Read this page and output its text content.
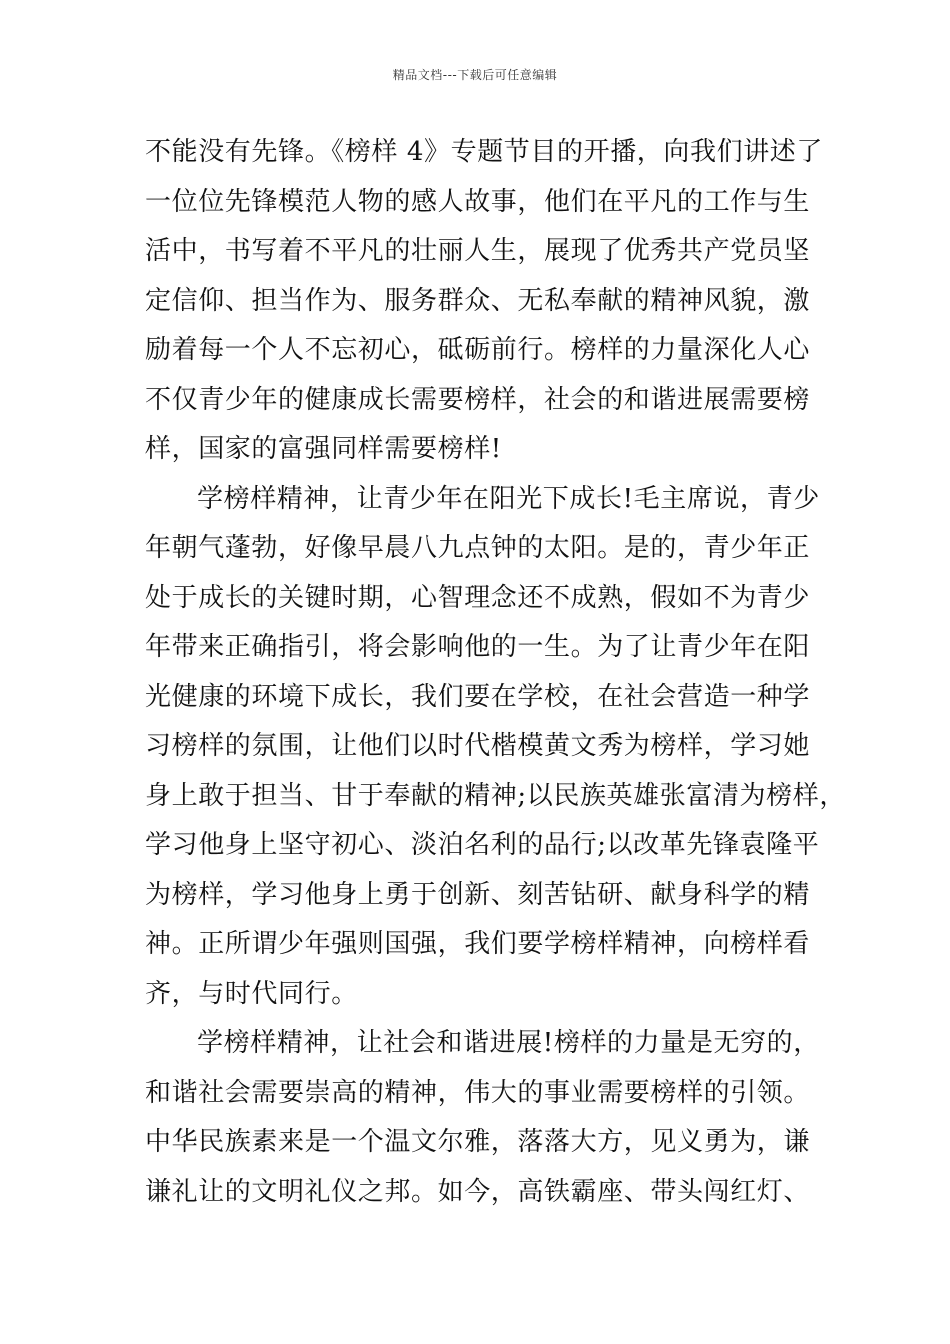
精品文档---下载后可任意编辑
不能没有先锋。《榜样 4》专题节目的开播，向我们讲述了
一位位先锋模范人物的感人故事，他们在平凡的工作与生
活中，书写着不平凡的壮丽人生，展现了优秀共产党员坚
定信仰、担当作为、服务群众、无私奉献的精神风貌，激
励着每一个人不忘初心，砥砺前行。榜样的力量深化人心
不仅青少年的健康成长需要榜样，社会的和谐进展需要榜
样，国家的富强同样需要榜样!
学榜样精神，让青少年在阳光下成长!毛主席说，青少
年朝气蓬勃，好像早晨八九点钟的太阳。是的，青少年正
处于成长的关键时期，心智理念还不成熟，假如不为青少
年带来正确指引，将会影响他的一生。为了让青少年在阳
光健康的环境下成长，我们要在学校，在社会营造一种学
习榜样的氛围，让他们以时代楷模黄文秀为榜样，学习她
身上敢于担当、甘于奉献的精神;以民族英雄张富清为榜样，
学习他身上坚守初心、淡泊名利的品行;以改革先锋袁隆平
为榜样，学习他身上勇于创新、刻苦钻研、献身科学的精
神。正所谓少年强则国强，我们要学榜样精神，向榜样看
齐，与时代同行。
学榜样精神，让社会和谐进展!榜样的力量是无穷的，
和谐社会需要崇高的精神，伟大的事业需要榜样的引领。
中华民族素来是一个温文尔雅，落落大方，见义勇为，谦
谦礼让的文明礼仪之邦。如今，高铁霸座、带头闯红灯、
